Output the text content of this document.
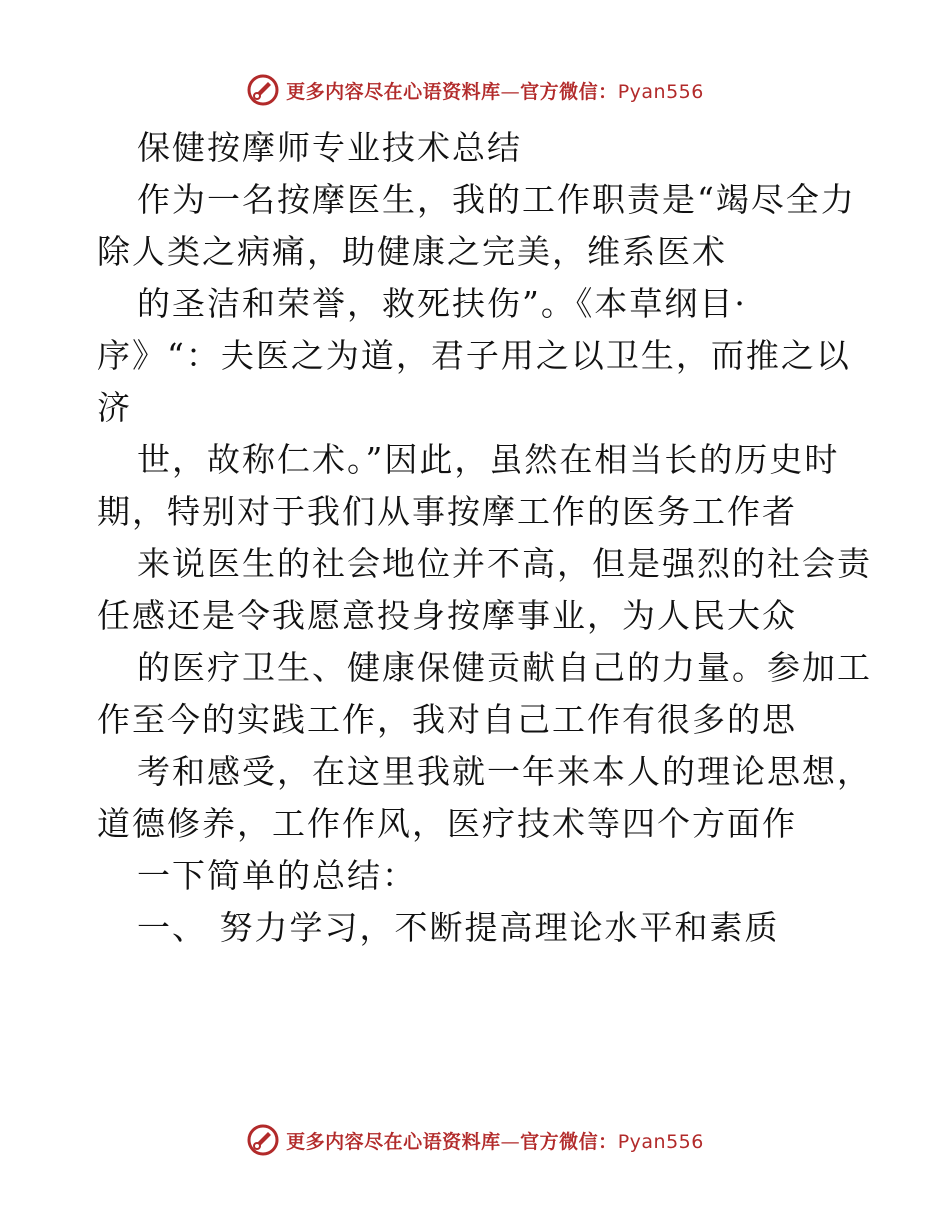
更多内容尽在心语资料库—官方微信：Pyan556
保健按摩师专业技术总结
作为一名按摩医生，我的工作职责是“竭尽全力
除人类之病痛，助健康之完美，维系医术
的圣洁和荣誉，救死扶伤”。《本草纲目·
序》“：夫医之为道，君子用之以卫生，而推之以
济
世，故称仁术。”因此，虽然在相当长的历史时
期，特别对于我们从事按摩工作的医务工作者
来说医生的社会地位并不高，但是强烈的社会责
任感还是令我愿意投身按摩事业，为人民大众
的医疗卫生、健康保健贡献自己的力量。参加工
作至今的实践工作，我对自己工作有很多的思
考和感受，在这里我就一年来本人的理论思想，
道德修养，工作作风，医疗技术等四个方面作
一下简单的总结：
一、 努力学习，不断提高理论水平和素质
更多内容尽在心语资料库—官方微信：Pyan556
